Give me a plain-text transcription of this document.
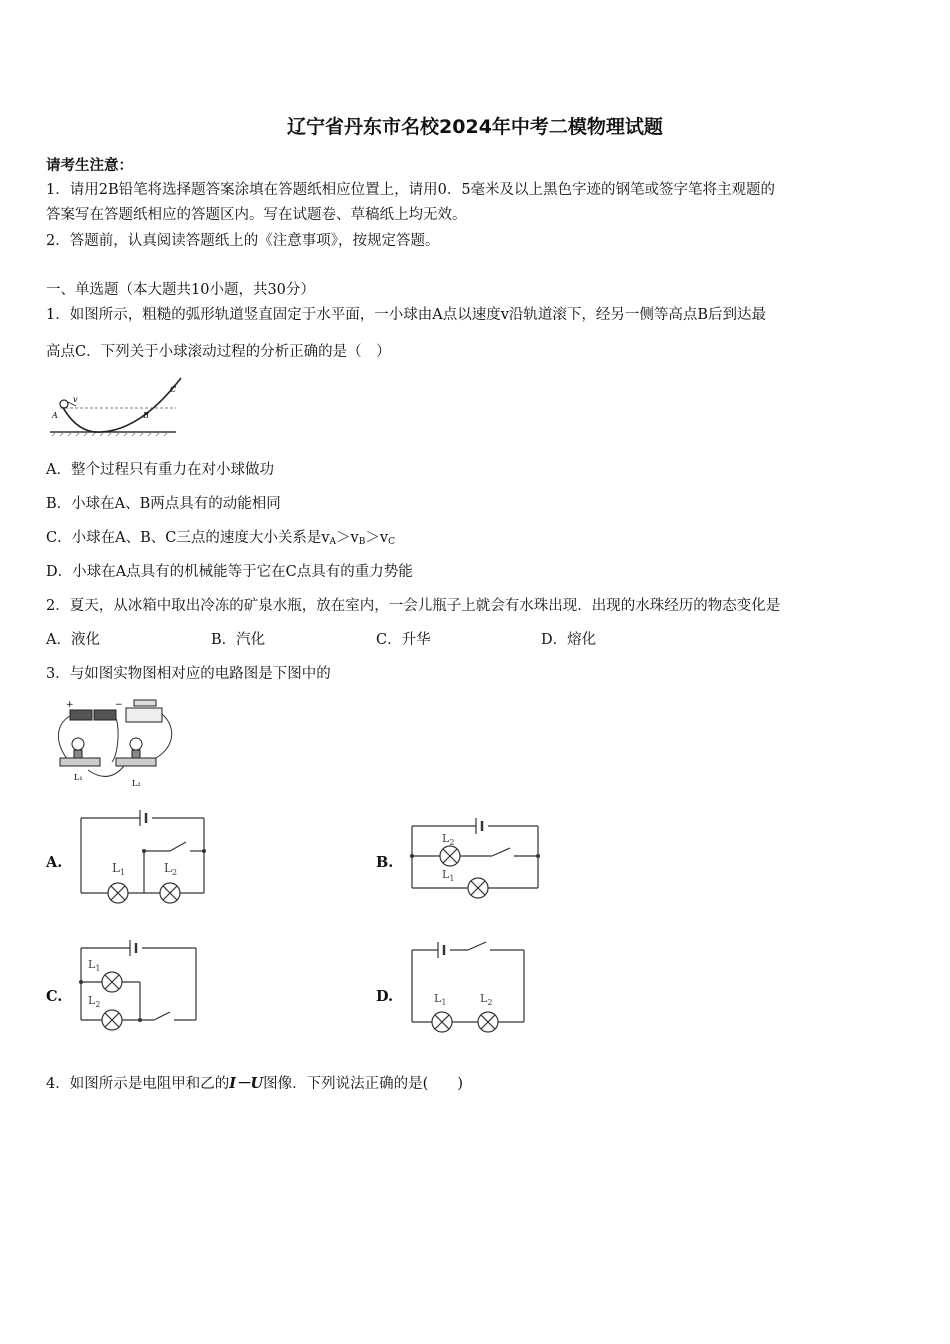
辽宁省丹东市名校2024年中考二模物理试题
请考生注意：
1．请用2B铅笔将选择题答案涂填在答题纸相应位置上，请用0．5毫米及以上黑色字迹的钢笔或签字笔将主观题的
答案写在答题纸相应的答题区内。写在试题卷、草稿纸上均无效。
2．答题前，认真阅读答题纸上的《注意事项》，按规定答题。
一、单选题（本大题共10小题，共30分）
1．如图所示，粗糙的弧形轨道竖直固定于水平面，一小球由A点以速度v沿轨道滚下，经另一侧等高点B后到达最
高点C．下列关于小球滚动过程的分析正确的是（　）
A
v
B
C
A．整个过程只有重力在对小球做功
B．小球在A、B两点具有的动能相同
C．小球在A、B、C三点的速度大小关系是$v_A>v_B>v_C$
D．小球在A点具有的机械能等于它在C点具有的重力势能
2．夏天，从冰箱中取出冷冻的矿泉水瓶，放在室内，一会儿瓶子上就会有水珠出现．出现的水珠经历的物态变化是
A．液化	B．汽化	C．升华	D．熔化
3．与如图实物图相对应的电路图是下图中的
+	−
L₁
L₂
A.	$L_1$	$L_2$
B.
$L_2$
$L_1$
C.
$L_1$
$L_2$	D.	$L_1$	$L_2$
4．如图所示是电阻甲和乙的I－U图像．下列说法正确的是(　　)
